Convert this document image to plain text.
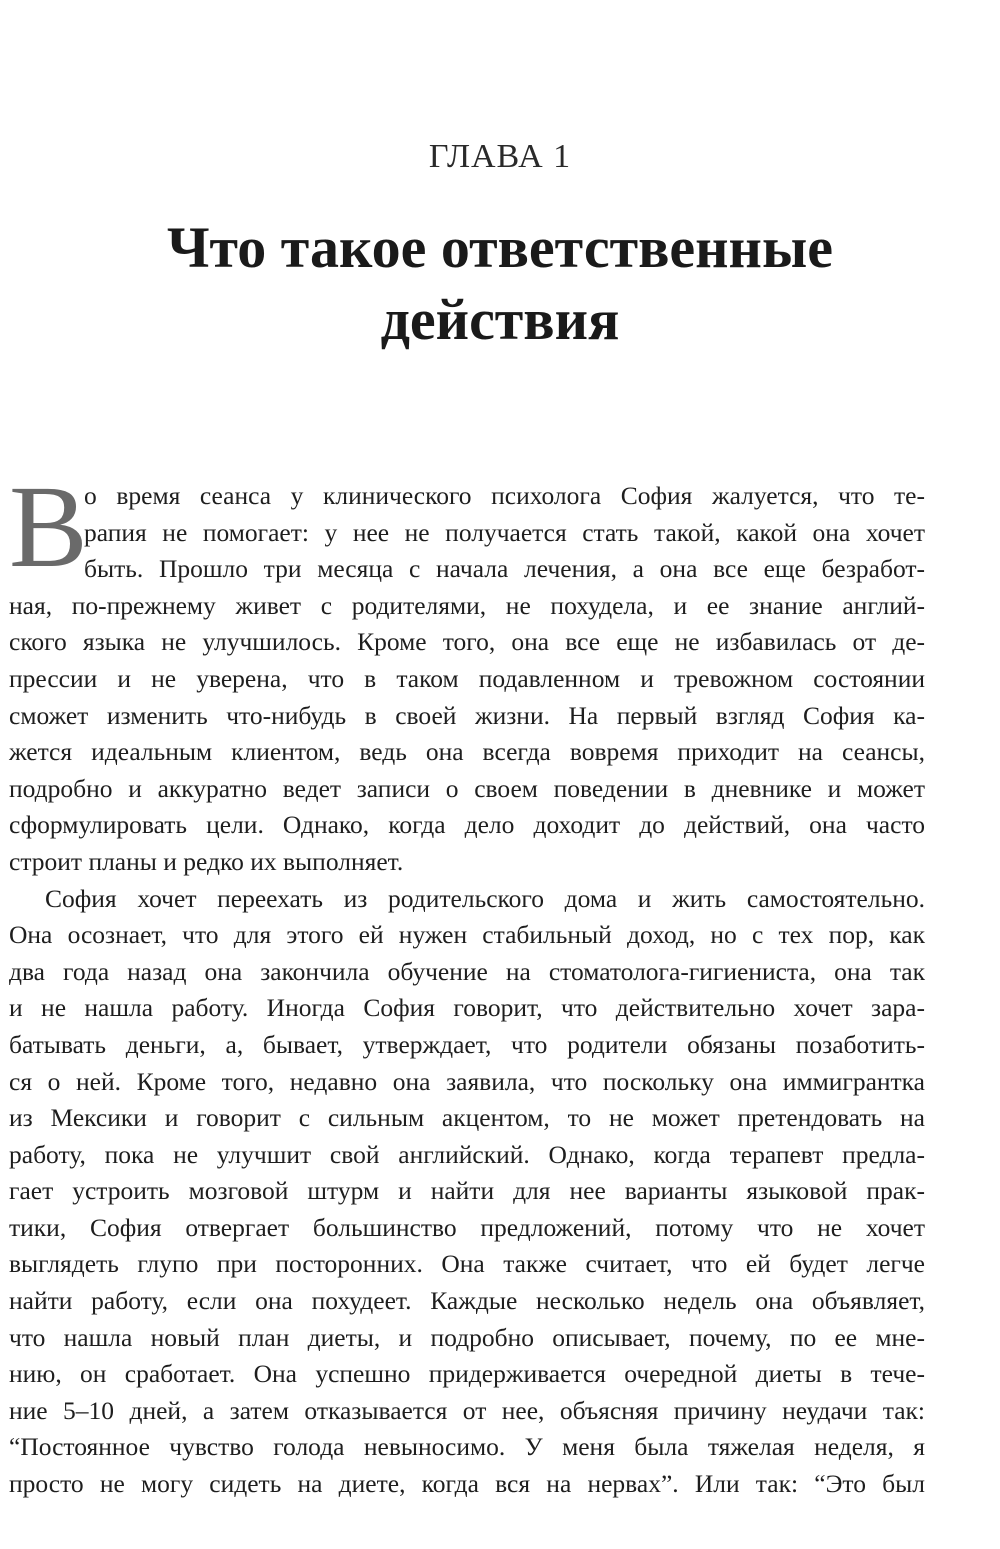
ГЛАВА 1
Что такое ответственные
действия
В
о время сеанса у клинического психолога София жалуется, что те-
рапия не помогает: у нее не получается стать такой, какой она хочет
быть. Прошло три месяца с начала лечения, а она все еще безработ-
ная, по-прежнему живет с родителями, не похудела, и ее знание англий-
ского языка не улучшилось. Кроме того, она все еще не избавилась от де-
прессии и не уверена, что в таком подавленном и тревожном состоянии
сможет изменить что-нибудь в своей жизни. На первый взгляд София ка-
жется идеальным клиентом, ведь она всегда вовремя приходит на сеансы,
подробно и аккуратно ведет записи о своем поведении в дневнике и может
сформулировать цели. Однако, когда дело доходит до действий, она часто
строит планы и редко их выполняет.
София хочет переехать из родительского дома и жить самостоятельно.
Она осознает, что для этого ей нужен стабильный доход, но с тех пор, как
два года назад она закончила обучение на стоматолога-гигиениста, она так
и не нашла работу. Иногда София говорит, что действительно хочет зара-
батывать деньги, а, бывает, утверждает, что родители обязаны позаботить-
ся о ней. Кроме того, недавно она заявила, что поскольку она иммигрантка
из Мексики и говорит с сильным акцентом, то не может претендовать на
работу, пока не улучшит свой английский. Однако, когда терапевт предла-
гает устроить мозговой штурм и найти для нее варианты языковой прак-
тики, София отвергает большинство предложений, потому что не хочет
выглядеть глупо при посторонних. Она также считает, что ей будет легче
найти работу, если она похудеет. Каждые несколько недель она объявляет,
что нашла новый план диеты, и подробно описывает, почему, по ее мне-
нию, он сработает. Она успешно придерживается очередной диеты в тече-
ние 5–10 дней, а затем отказывается от нее, объясняя причину неудачи так:
“Постоянное чувство голода невыносимо. У меня была тяжелая неделя, я
просто не могу сидеть на диете, когда вся на нервах”. Или так: “Это был
